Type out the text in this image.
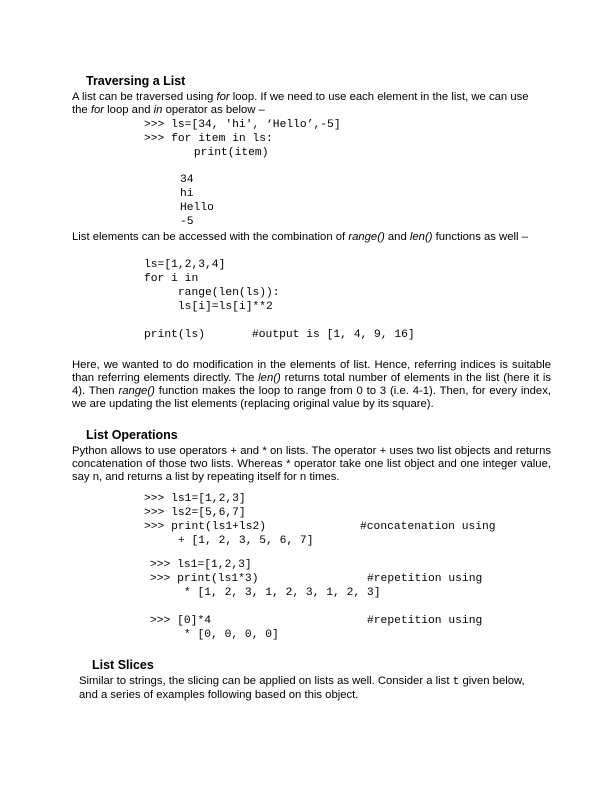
Traversing a List
A list can be traversed using for loop. If we need to use each element in the list, we can use
the for loop and in operator as below –
>>> ls=[34, 'hi', ‘Hello’,-5]
>>> for item in ls:
print(item)
34
hi
Hello
-5
List elements can be accessed with the combination of range() and len() functions as well –
ls=[1,2,3,4]
for i in
range(len(ls)):
ls[i]=ls[i]**2
print(ls)	#output is [1, 4, 9, 16]
Here, we wanted to do modification in the elements of list. Hence, referring indices is suitable than referring elements directly. The len() returns total number of elements in the list (here it is 4). Then range() function makes the loop to range from 0 to 3 (i.e. 4-1). Then, for every index, we are updating the list elements (replacing original value by its square).
List Operations
Python allows to use operators + and * on lists. The operator + uses two list objects and returns concatenation of those two lists. Whereas * operator take one list object and one integer value, say n, and returns a list by repeating itself for n times.
>>> ls1=[1,2,3]
>>> ls2=[5,6,7]
>>> print(ls1+ls2)	#concatenation using
+ [1, 2, 3, 5, 6, 7]
>>> ls1=[1,2,3]
>>> print(ls1*3)	#repetition using
* [1, 2, 3, 1, 2, 3, 1, 2, 3]
>>> [0]*4	#repetition using
* [0, 0, 0, 0]
List Slices
Similar to strings, the slicing can be applied on lists as well. Consider a list t given below,
and a series of examples following based on this object.
